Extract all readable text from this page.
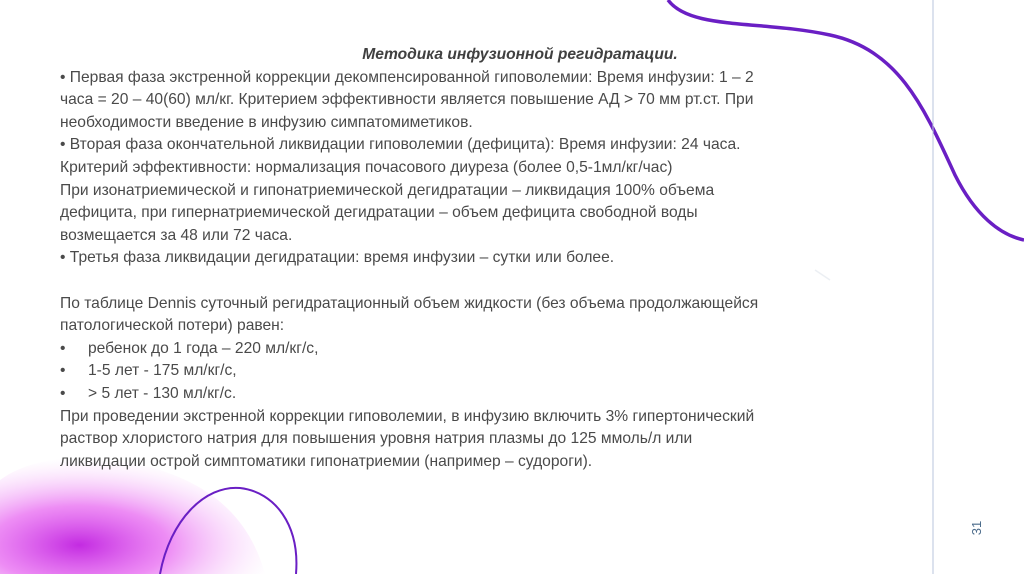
Методика инфузионной регидратации.
• Первая фаза экстренной коррекции декомпенсированной гиповолемии: Время инфузии: 1 – 2
часа = 20 – 40(60) мл/кг. Критерием эффективности является повышение АД > 70 мм рт.ст. При
необходимости введение в инфузию симпатомиметиков.
• Вторая фаза окончательной ликвидации гиповолемии (дефицита): Время инфузии: 24 часа.
Критерий эффективности: нормализация почасового диуреза (более 0,5-1мл/кг/час)
При изонатриемической и гипонатриемической дегидратации – ликвидация 100% объема
дефицита, при гипернатриемической дегидратации – объем дефицита свободной воды
возмещается за 48 или 72 часа.
• Третья фаза ликвидации дегидратации: время инфузии – сутки или более.
По таблице Dennis суточный регидратационный объем жидкости (без объема продолжающейся
патологической потери) равен:
•	ребенок до 1 года – 220 мл/кг/с,
•	1-5 лет - 175 мл/кг/с,
•	> 5 лет - 130 мл/кг/с.
При проведении экстренной коррекции гиповолемии, в инфузию включить 3% гипертонический
раствор хлористого натрия для повышения уровня натрия плазмы до 125 ммоль/л или
ликвидации острой симптоматики гипонатриемии (например – судороги).
31
